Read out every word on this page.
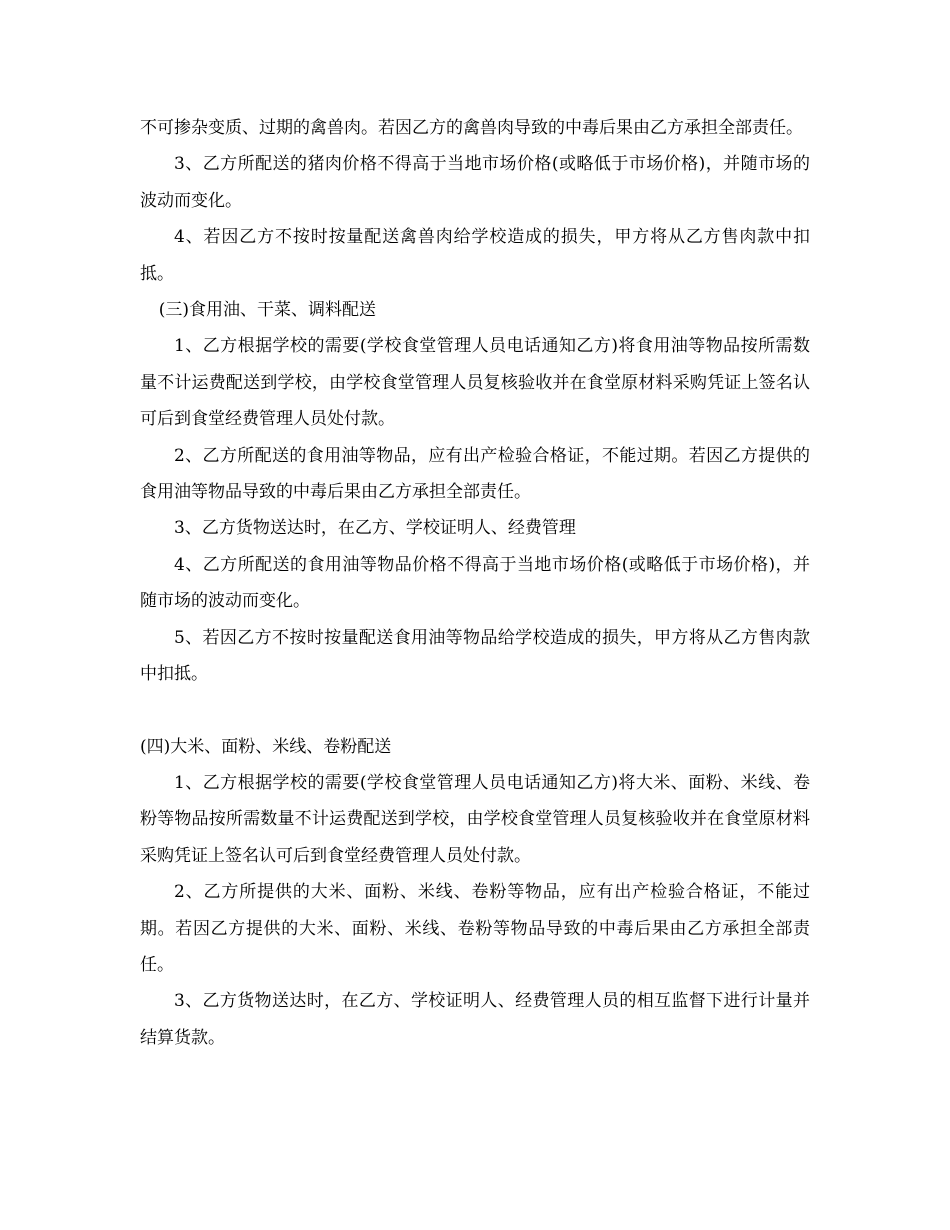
不可掺杂变质、过期的禽兽肉。若因乙方的禽兽肉导致的中毒后果由乙方承担全部责任。

3、乙方所配送的猪肉价格不得高于当地市场价格(或略低于市场价格)，并随市场的波动而变化。

4、若因乙方不按时按量配送禽兽肉给学校造成的损失，甲方将从乙方售肉款中扣抵。

(三)食用油、干菜、调料配送

1、乙方根据学校的需要(学校食堂管理人员电话通知乙方)将食用油等物品按所需数量不计运费配送到学校，由学校食堂管理人员复核验收并在食堂原材料采购凭证上签名认可后到食堂经费管理人员处付款。

2、乙方所配送的食用油等物品，应有出产检验合格证，不能过期。若因乙方提供的食用油等物品导致的中毒后果由乙方承担全部责任。

3、乙方货物送达时，在乙方、学校证明人、经费管理

4、乙方所配送的食用油等物品价格不得高于当地市场价格(或略低于市场价格)，并随市场的波动而变化。

5、若因乙方不按时按量配送食用油等物品给学校造成的损失，甲方将从乙方售肉款中扣抵。

(四)大米、面粉、米线、卷粉配送

1、乙方根据学校的需要(学校食堂管理人员电话通知乙方)将大米、面粉、米线、卷粉等物品按所需数量不计运费配送到学校，由学校食堂管理人员复核验收并在食堂原材料采购凭证上签名认可后到食堂经费管理人员处付款。

2、乙方所提供的大米、面粉、米线、卷粉等物品，应有出产检验合格证，不能过期。若因乙方提供的大米、面粉、米线、卷粉等物品导致的中毒后果由乙方承担全部责任。

3、乙方货物送达时，在乙方、学校证明人、经费管理人员的相互监督下进行计量并结算货款。
